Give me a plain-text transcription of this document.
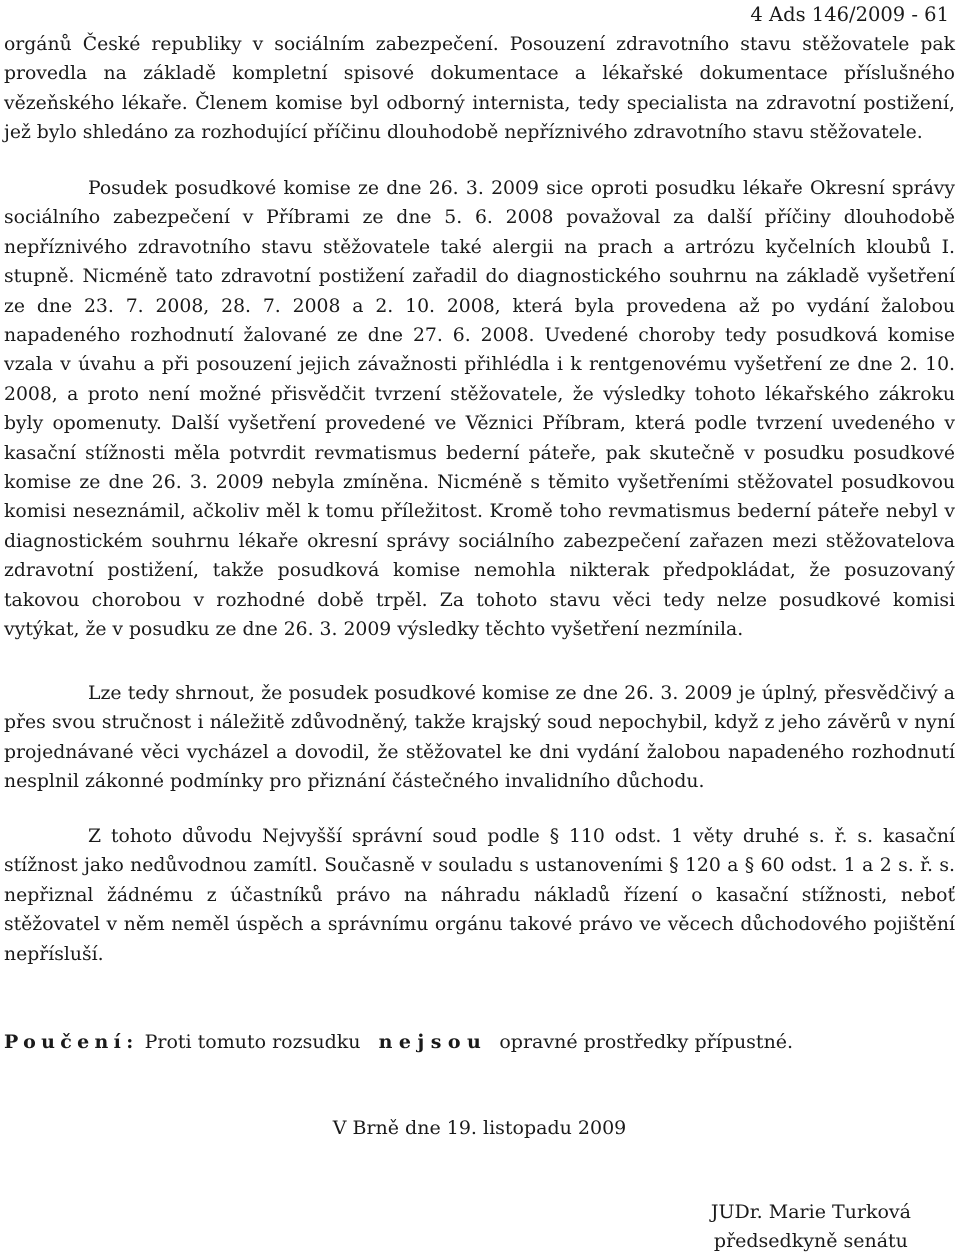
4 Ads 146/2009 - 61

orgánů České republiky v sociálním zabezpečení. Posouzení zdravotního stavu stěžovatele pak provedla na základě kompletní spisové dokumentace a lékařské dokumentace příslušného vězeňského lékaře. Členem komise byl odborný internista, tedy specialista na zdravotní postižení, jež bylo shledáno za rozhodující příčinu dlouhodobě nepříznivého zdravotního stavu stěžovatele.

Posudek posudkové komise ze dne 26. 3. 2009 sice oproti posudku lékaře Okresní správy sociálního zabezpečení v Příbrami ze dne 5. 6. 2008 považoval za další příčiny dlouhodobě nepříznivého zdravotního stavu stěžovatele také alergii na prach a artrózu kyčelních kloubů I. stupně. Nicméně tato zdravotní postižení zařadil do diagnostického souhrnu na základě vyšetření ze dne 23. 7. 2008, 28. 7. 2008 a 2. 10. 2008, která byla provedena až po vydání žalobou napadeného rozhodnutí žalované ze dne 27. 6. 2008. Uvedené choroby tedy posudková komise vzala v úvahu a při posouzení jejich závažnosti přihlédla i k rentgenovému vyšetření ze dne 2. 10. 2008, a proto není možné přisvědčit tvrzení stěžovatele, že výsledky tohoto lékařského zákroku byly opomenuty. Další vyšetření provedené ve Věznici Příbram, která podle tvrzení uvedeného v kasační stížnosti měla potvrdit revmatismus bederní páteře, pak skutečně v posudku posudkové komise ze dne 26. 3. 2009 nebyla zmíněna. Nicméně s těmito vyšetřeními stěžovatel posudkovou komisi neseznámil, ačkoliv měl k tomu příležitost. Kromě toho revmatismus bederní páteře nebyl v diagnostickém souhrnu lékaře okresní správy sociálního zabezpečení zařazen mezi stěžovatelova zdravotní postižení, takže posudková komise nemohla nikterak předpokládat, že posuzovaný takovou chorobou v rozhodné době trpěl. Za tohoto stavu věci tedy nelze posudkové komisi vytýkat, že v posudku ze dne 26. 3. 2009 výsledky těchto vyšetření nezmínila.

Lze tedy shrnout, že posudek posudkové komise ze dne 26. 3. 2009 je úplný, přesvědčivý a přes svou stručnost i náležitě zdůvodněný, takže krajský soud nepochybil, když z jeho závěrů v nyní projednávané věci vycházel a dovodil, že stěžovatel ke dni vydání žalobou napadeného rozhodnutí nesplnil zákonné podmínky pro přiznání částečného invalidního důchodu.

Z tohoto důvodu Nejvyšší správní soud podle § 110 odst. 1 věty druhé s. ř. s. kasační stížnost jako nedůvodnou zamítl. Současně v souladu s ustanoveními § 120 a § 60 odst. 1 a 2 s. ř. s. nepřiznal žádnému z účastníků právo na náhradu nákladů řízení o kasační stížnosti, neboť stěžovatel v něm neměl úspěch a správnímu orgánu takové právo ve věcech důchodového pojištění nepřísluší.

Poučení: Proti tomuto rozsudku nejsou opravné prostředky přípustné.
V Brně dne 19. listopadu 2009
JUDr. Marie Turková
předsedkyně senátu
